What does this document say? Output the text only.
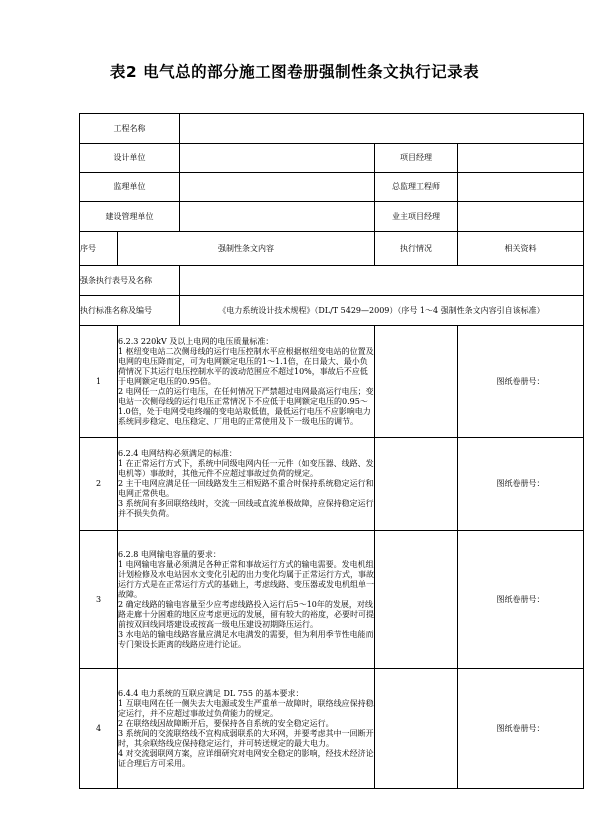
表2 电气总的部分施工图卷册强制性条文执行记录表
工程名称				
设计单位			项目经理	
监理单位			总监理工程师	
建设管理单位			业主项目经理	
序号	强制性条文内容		执行情况	相关资料
强条执行表号及名称				
执行标准名称及编号		《电力系统设计技术规程》（DL/T 5429—2009）（序号 1～4 强制性条文内容引自该标准）		
1	6.2.3 220kV 及以上电网的电压质量标准：

1 枢纽变电站二次侧母线的运行电压控制水平应根据枢纽变电站的位置及电网的电压降而定，可为电网额定电压的1～1.1倍，在日最大、最小负荷情况下其运行电压控制水平的波动范围应不超过10%，事故后不应低于电网额定电压的0.95倍。

2 电网任一点的运行电压，在任何情况下严禁超过电网最高运行电压；变电站一次侧母线的运行电压正常情况下不应低于电网额定电压的0.95～1.0倍，处于电网受电终端的变电站取低值，最低运行电压不应影响电力系统同步稳定、电压稳定、厂用电的正常使用及下一级电压的调节。			图纸卷册号：
2	6.2.4 电网结构必须满足的标准：

1 在正常运行方式下，系统中同级电网内任一元件（如变压器、线路、发电机等）事故时，其他元件不应超过事故过负荷的规定。

2 主干电网应满足任一回线路发生三相短路不重合时保持系统稳定运行和电网正常供电。

3 系统间有多回联络线时，交流一回线或直流单极故障，应保持稳定运行并不损失负荷。			图纸卷册号：
3	6.2.8 电网输电容量的要求：

1 电网输电容量必须满足各种正常和事故运行方式的输电需要。发电机组计划检修及水电站因水文变化引起的出力变化均属于正常运行方式，事故运行方式是在正常运行方式的基础上，考虑线路、变压器或发电机组单一故障。

2 确定线路的输电容量至少应考虑线路投入运行后5～10年的发展，对线路走廊十分困难的地区应考虑更远的发展，留有较大的裕度，必要时可提前按双回线同塔建设或按高一级电压建设初期降压运行。

3 水电站的输电线路容量应满足水电满发的需要，但为利用季节性电能而专门架设长距离的线路应进行论证。			图纸卷册号：
4	6.4.4 电力系统的互联应满足 DL 755 的基本要求：

1 互联电网在任一侧失去大电源或发生严重单一故障时，联络线应保持稳定运行，并不应超过事故过负荷能力的规定。

2 在联络线因故障断开后，要保持各自系统的安全稳定运行。

3 系统间的交流联络线不宜构成弱联系的大环网，并要考虑其中一回断开时，其余联络线应保持稳定运行，并可转送规定的最大电力。

4 对交流弱联网方案，应详细研究对电网安全稳定的影响，经技术经济论证合理后方可采用。			图纸卷册号：
